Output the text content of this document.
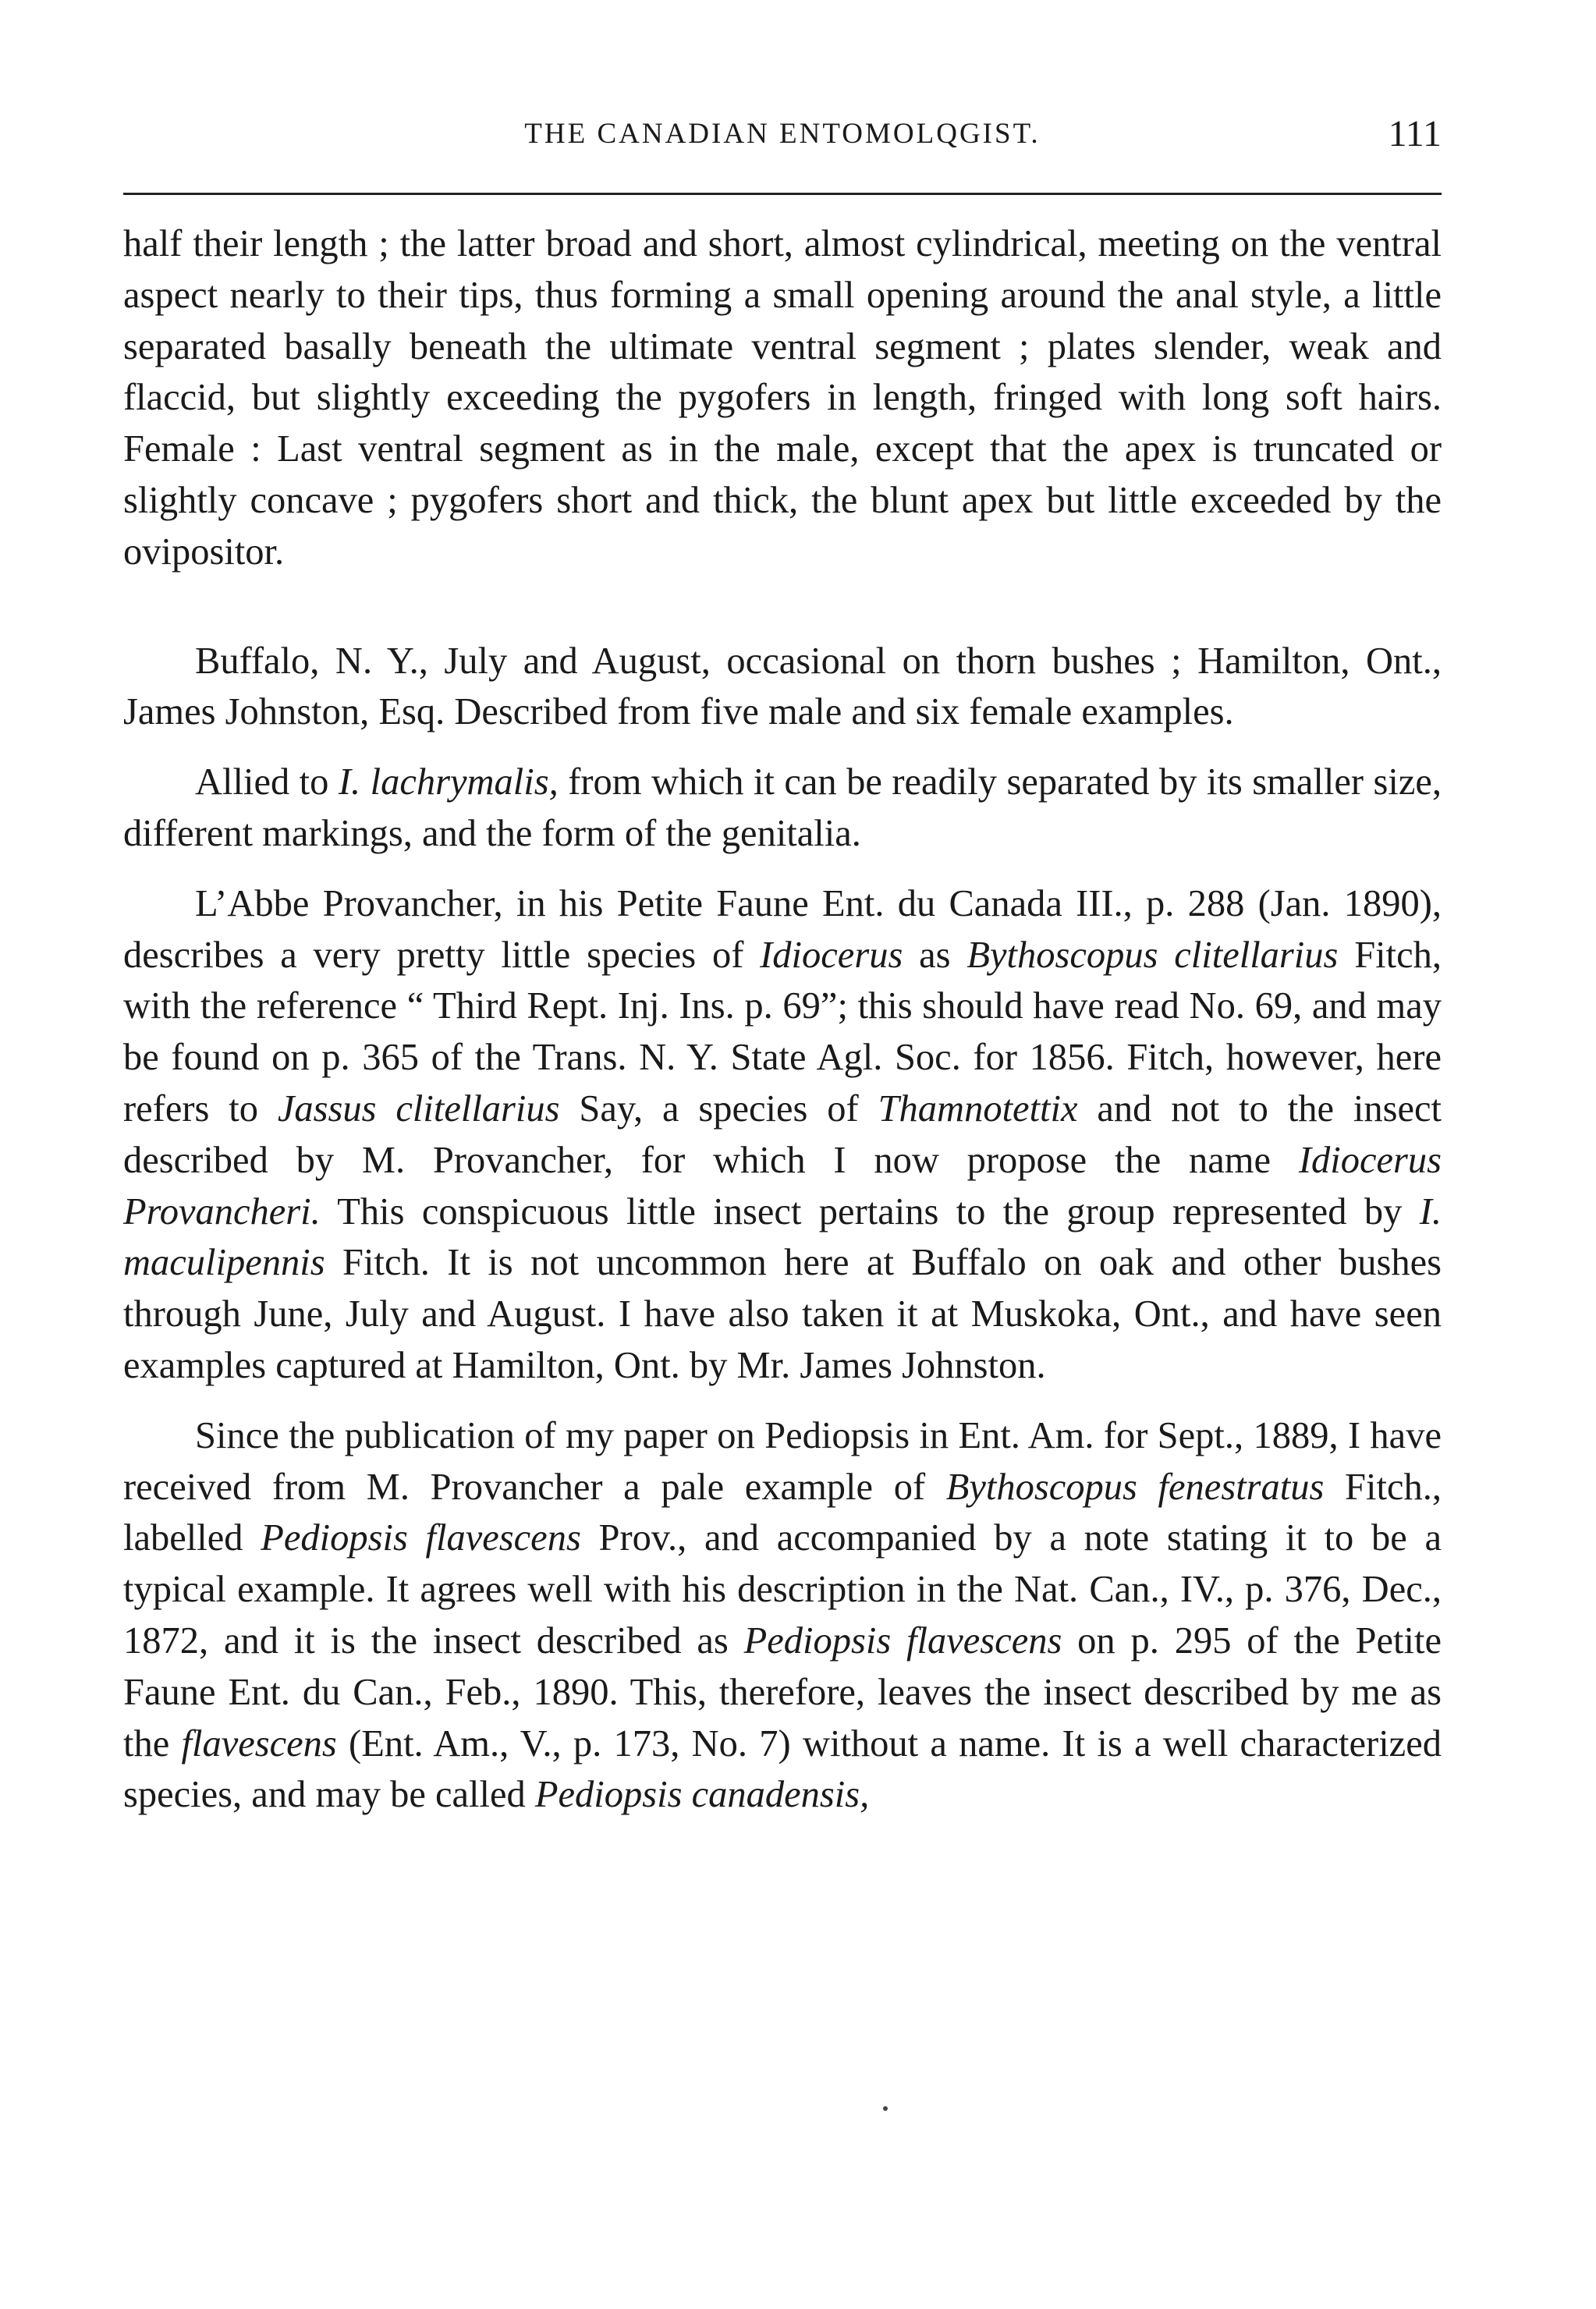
THE CANADIAN ENTOMOLQGIST.	111

half their length ; the latter broad and short, almost cylindrical, meeting on the ventral aspect nearly to their tips, thus forming a small opening around the anal style, a little separated basally beneath the ultimate ventral segment ; plates slender, weak and flaccid, but slightly exceeding the pygofers in length, fringed with long soft hairs. Female : Last ventral segment as in the male, except that the apex is truncated or slightly concave ; pygofers short and thick, the blunt apex but little exceeded by the ovipositor.

Buffalo, N. Y., July and August, occasional on thorn bushes ; Hamilton, Ont., James Johnston, Esq. Described from five male and six female examples.

Allied to I. lachrymalis, from which it can be readily separated by its smaller size, different markings, and the form of the genitalia.

L’Abbe Provancher, in his Petite Faune Ent. du Canada III., p. 288 (Jan. 1890), describes a very pretty little species of Idiocerus as Bythoscopus clitellarius Fitch, with the reference “ Third Rept. Inj. Ins. p. 69”; this should have read No. 69, and may be found on p. 365 of the Trans. N. Y. State Agl. Soc. for 1856. Fitch, however, here refers to Jassus clitellarius Say, a species of Thamnotettix and not to the insect described by M. Provancher, for which I now propose the name Idiocerus Provancheri. This conspicuous little insect pertains to the group represented by I. maculipennis Fitch. It is not uncommon here at Buffalo on oak and other bushes through June, July and August. I have also taken it at Muskoka, Ont., and have seen examples captured at Hamilton, Ont. by Mr. James Johnston.

Since the publication of my paper on Pediopsis in Ent. Am. for Sept., 1889, I have received from M. Provancher a pale example of Bythoscopus fenestratus Fitch., labelled Pediopsis flavescens Prov., and accompanied by a note stating it to be a typical example. It agrees well with his description in the Nat. Can., IV., p. 376, Dec., 1872, and it is the insect described as Pediopsis flavescens on p. 295 of the Petite Faune Ent. du Can., Feb., 1890. This, therefore, leaves the insect described by me as the flavescens (Ent. Am., V., p. 173, No. 7) without a name. It is a well characterized species, and may be called Pediopsis canadensis,
